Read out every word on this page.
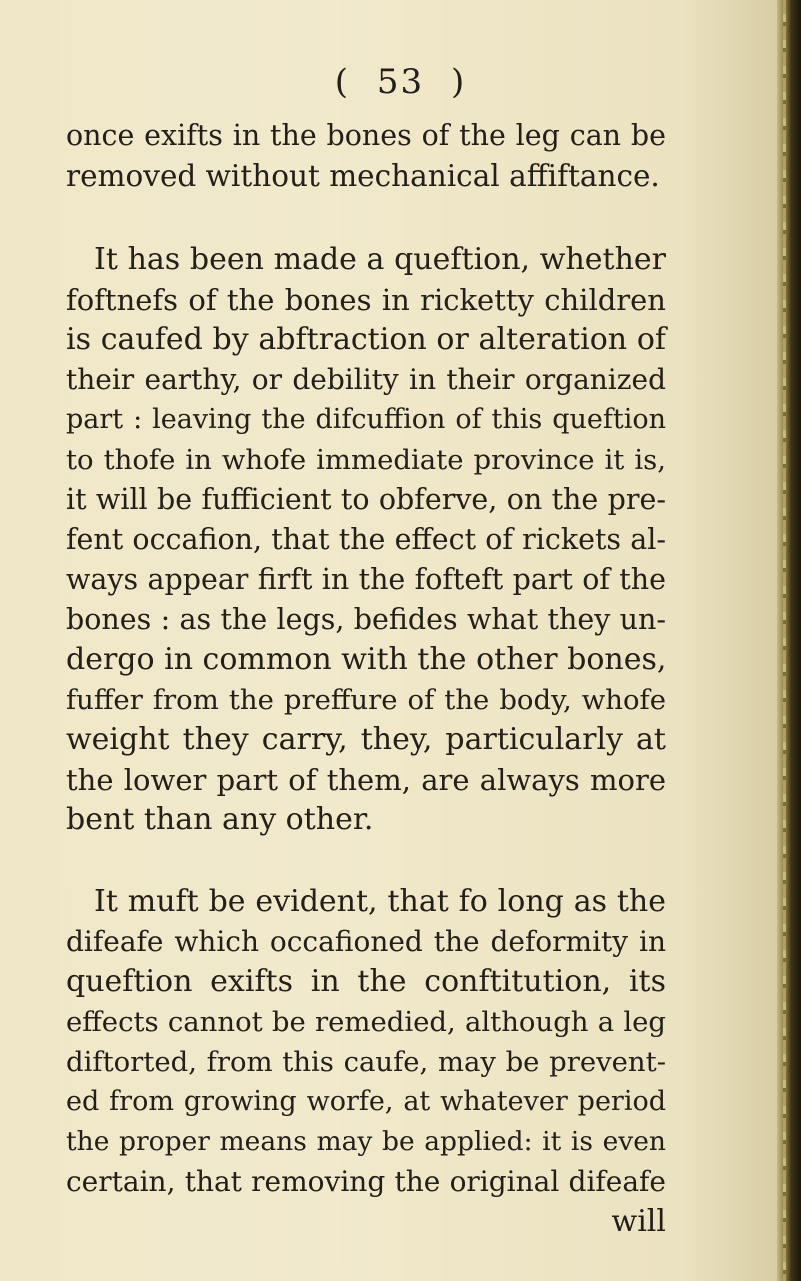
( 53 )
once exifts in the bones of the leg can be
removed without mechanical affiftance.
It has been made a queftion, whether
foftnefs of the bones in ricketty children
is caufed by abftraction or alteration of
their earthy, or debility in their organized
part : leaving the difcuffion of this queftion
to thofe in whofe immediate province it is,
it will be fufficient to obferve, on the pre-
fent occafion, that the effect of rickets al-
ways appear firft in the fofteft part of the
bones : as the legs, befides what they un-
dergo in common with the other bones,
fuffer from the preffure of the body, whofe
weight they carry, they, particularly at
the lower part of them, are always more
bent than any other.
It muft be evident, that fo long as the
difeafe which occafioned the deformity in
queftion exifts in the conftitution, its
effects cannot be remedied, although a leg
diftorted, from this caufe, may be prevent-
ed from growing worfe, at whatever period
the proper means may be applied: it is even
certain, that removing the original difeafe
will
